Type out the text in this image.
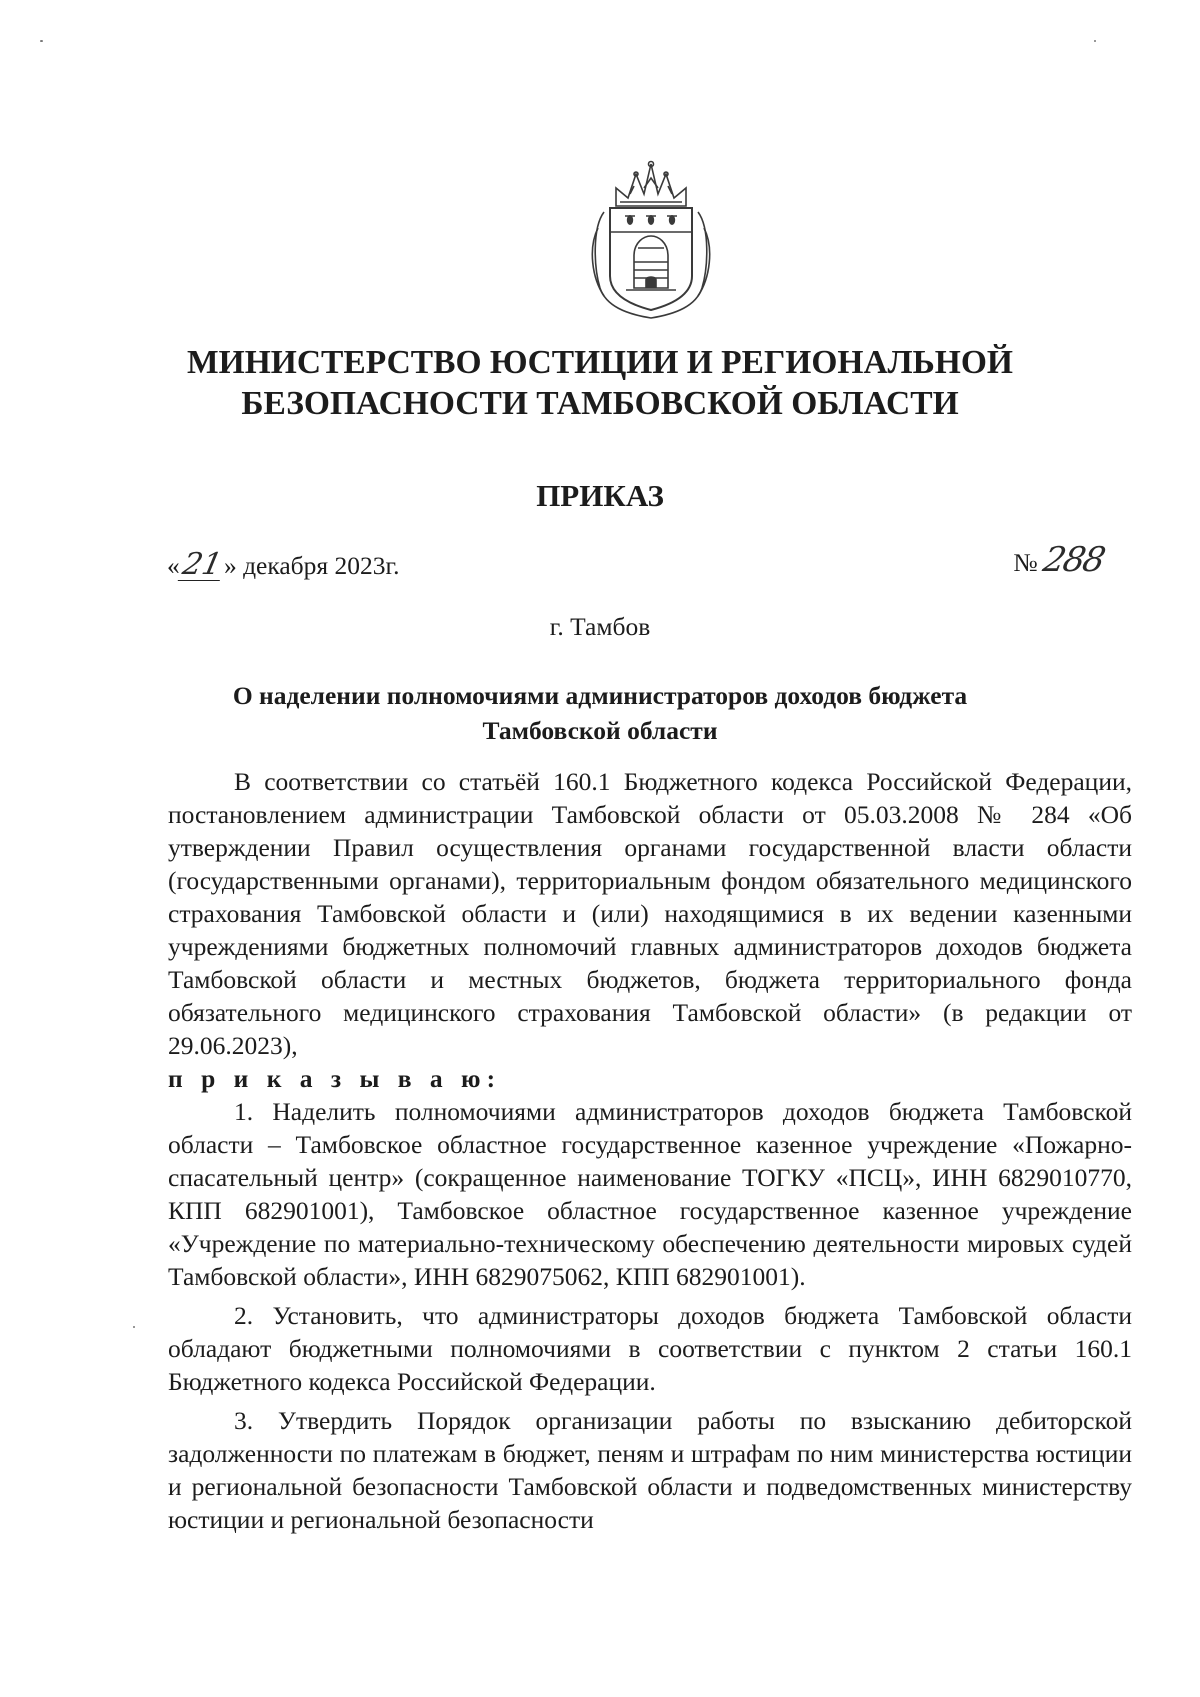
МИНИСТЕРСТВО ЮСТИЦИИ И РЕГИОНАЛЬНОЙ
БЕЗОПАСНОСТИ ТАМБОВСКОЙ ОБЛАСТИ
ПРИКАЗ
«21» декабря 2023г.	№ 288
г. Тамбов
О наделении полномочиями администраторов доходов бюджета
Тамбовской области

В соответствии со статьёй 160.1 Бюджетного кодекса Российской Федерации, постановлением администрации Тамбовской области от 05.03.2008 № 284 «Об утверждении Правил осуществления органами государственной власти области (государственными органами), территориальным фондом обязательного медицинского страхования Тамбовской области и (или) находящимися в их ведении казенными учреждениями бюджетных полномочий главных администраторов доходов бюджета Тамбовской области и местных бюджетов, бюджета территориального фонда обязательного медицинского страхования Тамбовской области» (в редакции от 29.06.2023),
п р и к а з ы в а ю:

1. Наделить полномочиями администраторов доходов бюджета Тамбовской области – Тамбовское областное государственное казенное учреждение «Пожарно-спасательный центр» (сокращенное наименование ТОГКУ «ПСЦ», ИНН 6829010770, КПП 682901001), Тамбовское областное государственное казенное учреждение «Учреждение по материально-техническому обеспечению деятельности мировых судей Тамбовской области», ИНН 6829075062, КПП 682901001).

2. Установить, что администраторы доходов бюджета Тамбовской области обладают бюджетными полномочиями в соответствии с пунктом 2 статьи 160.1 Бюджетного кодекса Российской Федерации.

3. Утвердить Порядок организации работы по взысканию дебиторской задолженности по платежам в бюджет, пеням и штрафам по ним министерства юстиции и региональной безопасности Тамбовской области и подведомственных министерству юстиции и региональной безопасности
